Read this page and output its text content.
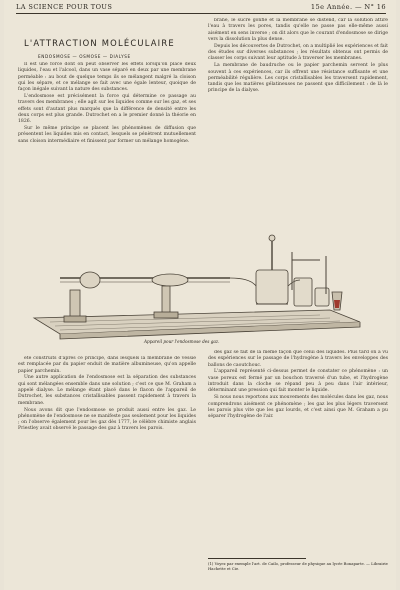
LA SCIENCE POUR TOUS	15e Année. — N° 16
L'ATTRACTION MOLÉCULAIRE
ENDOSMOSE — OSMOSE — DIALYSE

Il est une force dont on peut observer les effets lorsqu'on place deux liquides, l'eau et l'alcool, dans un vase séparé en deux par une membrane perméable : au bout de quelque temps ils se mélangent malgré la cloison qui les sépare, et ce mélange se fait avec une égale lenteur, quoique de façon inégale suivant la nature des substances.

L'endosmose est précisément la force qui détermine ce passage au travers des membranes ; elle agit sur les liquides comme sur les gaz, et ses effets sont d'autant plus marqués que la différence de densité entre les deux corps est plus grande. Dutrochet en a le premier donné la théorie en 1826.

Sur le même principe se placent les phénomènes de diffusion que présentent les liquides mis en contact, lesquels se pénètrent mutuellement sans cloison intermédiaire et finissent par former un mélange homogène.

brane, le sucre gonfle et la membrane se distend, car la solution attire l'eau à travers les pores, tandis qu'elle ne passe pas elle-même aussi aisément en sens inverse ; on dit alors que le courant d'endosmose se dirige vers la dissolution la plus dense.

Depuis les découvertes de Dutrochet, on a multiplié les expériences et fait des études sur diverses substances ; les résultats obtenus ont permis de classer les corps suivant leur aptitude à traverser les membranes.

La membrane de baudruche ou le papier parchemin servent le plus souvent à ces expériences, car ils offrent une résistance suffisante et une perméabilité régulière. Les corps cristallisables les traversent rapidement, tandis que les matières gélatineuses ne passent que difficilement : de là le principe de la dialyse.

Appareil pour l'endosmose des gaz.

été construits d'après ce principe, dans lesquels la membrane de vessie est remplacée par du papier enduit de matière albumineuse, qu'on appelle papier parchemin.

Une autre application de l'endosmose est la séparation des substances qui sont mélangées ensemble dans une solution ; c'est ce que M. Graham a appelé dialyse. Le mélange étant placé dans le flacon de l'appareil de Dutrochet, les substances cristallisables passent rapidement à travers la membrane.

Nous avons dit que l'endosmose se produit aussi entre les gaz. Le phénomène de l'endosmose ne se manifeste pas seulement pour les liquides ; on l'observe également pour les gaz dès 1777, le célèbre chimiste anglais Priestley avait observé le passage des gaz à travers les parois.

des gaz se fait de la même façon que celui des liquides. Plus tard on a vu des expériences sur le passage de l'hydrogène à travers les enveloppes des ballons de caoutchouc.

L'appareil représenté ci-dessus permet de constater ce phénomène : un vase poreux est fermé par un bouchon traversé d'un tube, et l'hydrogène introduit dans la cloche se répand peu à peu dans l'air intérieur, déterminant une pression qui fait monter le liquide.

Si nous nous reportons aux mouvements des molécules dans les gaz, nous comprendrons aisément ce phénomène ; les gaz les plus légers traversent les parois plus vite que les gaz lourds, et c'est ainsi que M. Graham a pu séparer l'hydrogène de l'air.

(1) Voyez par exemple l'art. de Cailo, professeur de physique au lycée Bonaparte. — Librairie Hachette et Cie.
